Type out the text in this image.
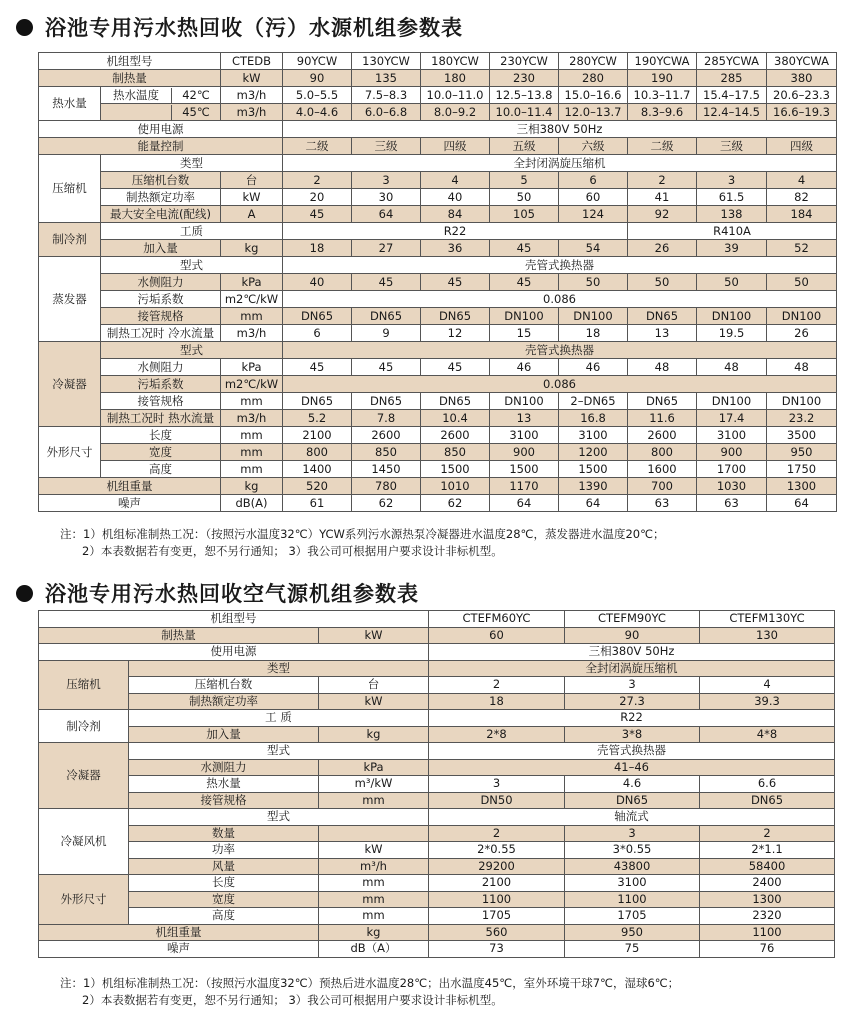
浴池专用污水热回收（污）水源机组参数表
机组型号		CTEDB	90YCW	130YCW	180YCW	230YCW	280YCW	190YCWA	285YCWA	380YCWA
制热量		kW	90	135	180	230	280	190	285	380
热水量	热水温度 42℃	m3/h	5.0–5.5	7.5–8.3	10.0–11.0	12.5–13.8	15.0–16.6	10.3–11.7	15.4–17.5	20.6–23.3

	45℃	m3/h	4.0–4.6	6.0–6.8	8.0–9.2	10.0–11.4	12.0–13.7	8.3–9.6	12.4–14.5	16.6–19.3
使用电源			三相380V 50Hz							
能量控制			二级	三级	四级	五级	六级	二级	三级	四级
压缩机	类型		全封闭涡旋压缩机							
	压缩机台数	台	2	3	4	5	6	2	3	4
	制热额定功率	kW	20	30	40	50	60	41	61.5	82
	最大安全电流(配线)	A	45	64	84	105	124	92	138	184
制冷剂	工质		R22					R410A		
	加入量	kg	18	27	36	45	54	26	39	52
蒸发器	型式		壳管式换热器							
	水侧阻力	kPa	40	45	45	45	50	50	50	50
	污垢系数	m2℃/kW	0.086							
	接管规格	mm	DN65	DN65	DN65	DN100	DN100	DN65	DN100	DN100
	制热工况时 冷水流量	m3/h	6	9	12	15	18	13	19.5	26
冷凝器	型式		壳管式换热器							
	水侧阻力	kPa	45	45	45	46	46	48	48	48
	污垢系数	m2℃/kW	0.086							
	接管规格	mm	DN65	DN65	DN65	DN100	2–DN65	DN65	DN100	DN100
	制热工况时 热水流量	m3/h	5.2	7.8	10.4	13	16.8	11.6	17.4	23.2
外形尺寸	长度	mm	2100	2600	2600	3100	3100	2600	3100	3500
	宽度	mm	800	850	850	900	1200	800	900	950
	高度	mm	1400	1450	1500	1500	1500	1600	1700	1750
机组重量		kg	520	780	1010	1170	1390	700	1030	1300
噪声		dB(A)	61	62	62	64	64	63	63	64
注：1）机组标准制热工况：（按照污水温度32℃）YCW系列污水源热泵冷凝器进水温度28℃，蒸发器进水温度20℃；
2）本表数据若有变更，恕不另行通知； 3）我公司可根据用户要求设计非标机型。
浴池专用污水热回收空气源机组参数表
机组型号			CTEFM60YC	CTEFM90YC	CTEFM130YC
制热量		kW	60	90	130
使用电源			三相380V 50Hz		
压缩机	类型		全封闭涡旋压缩机		
	压缩机台数	台	2	3	4
	制热额定功率	kW	18	27.3	39.3
制冷剂	工 质		R22		
	加入量	kg	2*8	3*8	4*8
冷凝器	型式		壳管式换热器		
	水测阻力	kPa	41–46		
	热水量	m³/kW	3	4.6	6.6
	接管规格	mm	DN50	DN65	DN65
冷凝风机	型式		轴流式		
	数量		2	3	2
	功率	kW	2*0.55	3*0.55	2*1.1
	风量	m³/h	29200	43800	58400
外形尺寸	长度	mm	2100	3100	2400
	宽度	mm	1100	1100	1300
	高度	mm	1705	1705	2320
机组重量		kg	560	950	1100
噪声		dB（A）	73	75	76
注：1）机组标准制热工况：（按照污水温度32℃）预热后进水温度28℃；出水温度45℃，室外环境干球7℃，湿球6℃；
2）本表数据若有变更，恕不另行通知； 3）我公司可根据用户要求设计非标机型。
